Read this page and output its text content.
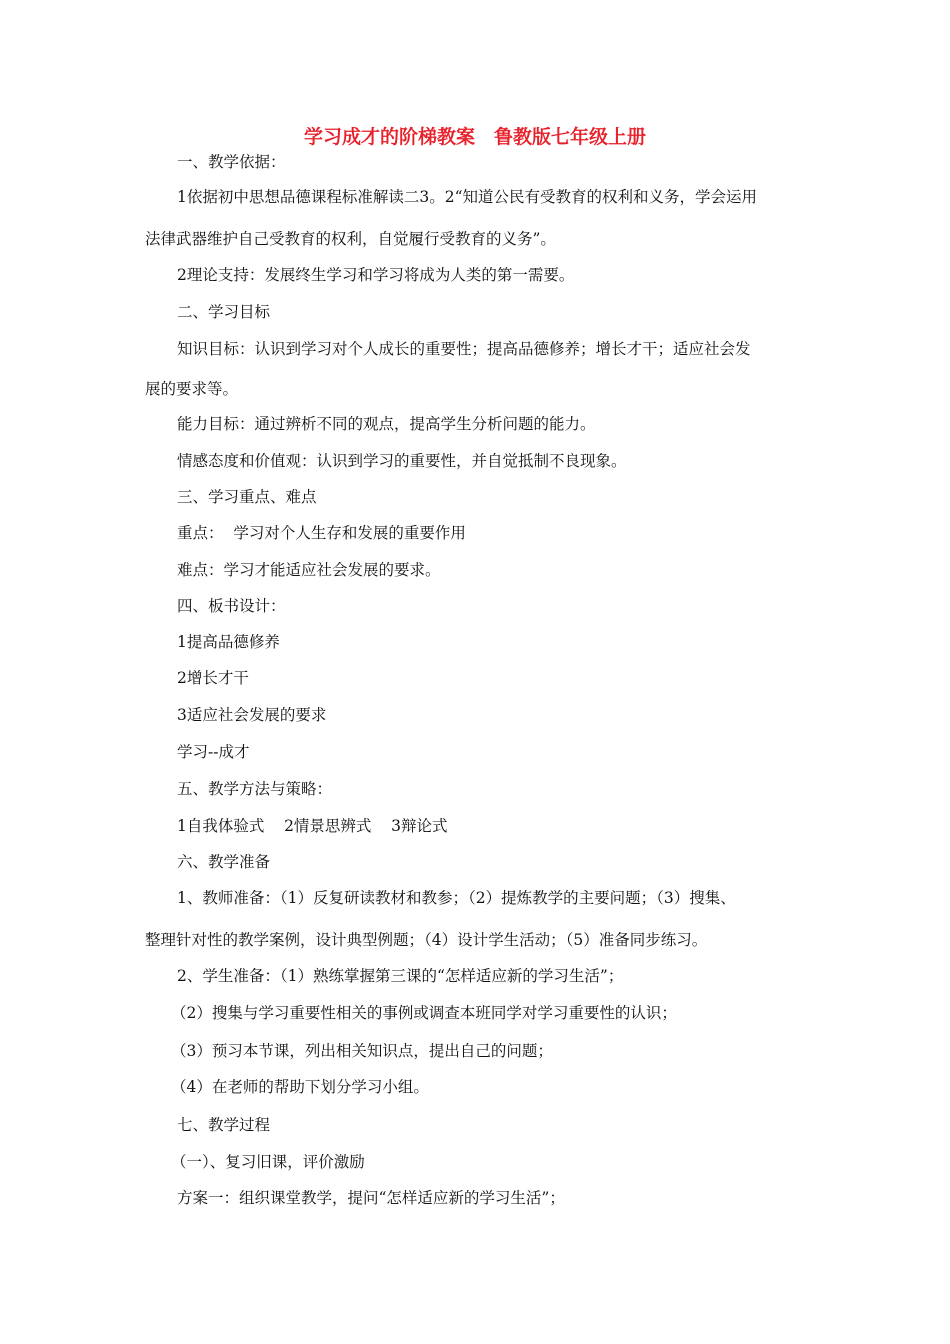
学习成才的阶梯教案　鲁教版七年级上册
一、教学依据：
1依据初中思想品德课程标准解读二3。2“知道公民有受教育的权利和义务，学会运用
法律武器维护自己受教育的权利，自觉履行受教育的义务”。
2理论支持：发展终生学习和学习将成为人类的第一需要。
二、学习目标
知识目标：认识到学习对个人成长的重要性；提高品德修养；增长才干；适应社会发
展的要求等。
能力目标：通过辨析不同的观点，提高学生分析问题的能力。
情感态度和价值观：认识到学习的重要性，并自觉抵制不良现象。
三、学习重点、难点
重点：  学习对个人生存和发展的重要作用
难点：学习才能适应社会发展的要求。
四、板书设计：
1提高品德修养
2增长才干
3适应社会发展的要求
学习--成才
五、教学方法与策略：
1自我体验式    2情景思辨式    3辩论式
六、教学准备
1、教师准备：（1）反复研读教材和教参；（2）提炼教学的主要问题；（3）搜集、
整理针对性的教学案例，设计典型例题；（4）设计学生活动；（5）准备同步练习。
2、学生准备：（1）熟练掌握第三课的“怎样适应新的学习生活”；
（2）搜集与学习重要性相关的事例或调查本班同学对学习重要性的认识；
（3）预习本节课，列出相关知识点，提出自己的问题；
（4）在老师的帮助下划分学习小组。
七、教学过程
（一）、复习旧课，评价激励
方案一：组织课堂教学，提问“怎样适应新的学习生活”；
